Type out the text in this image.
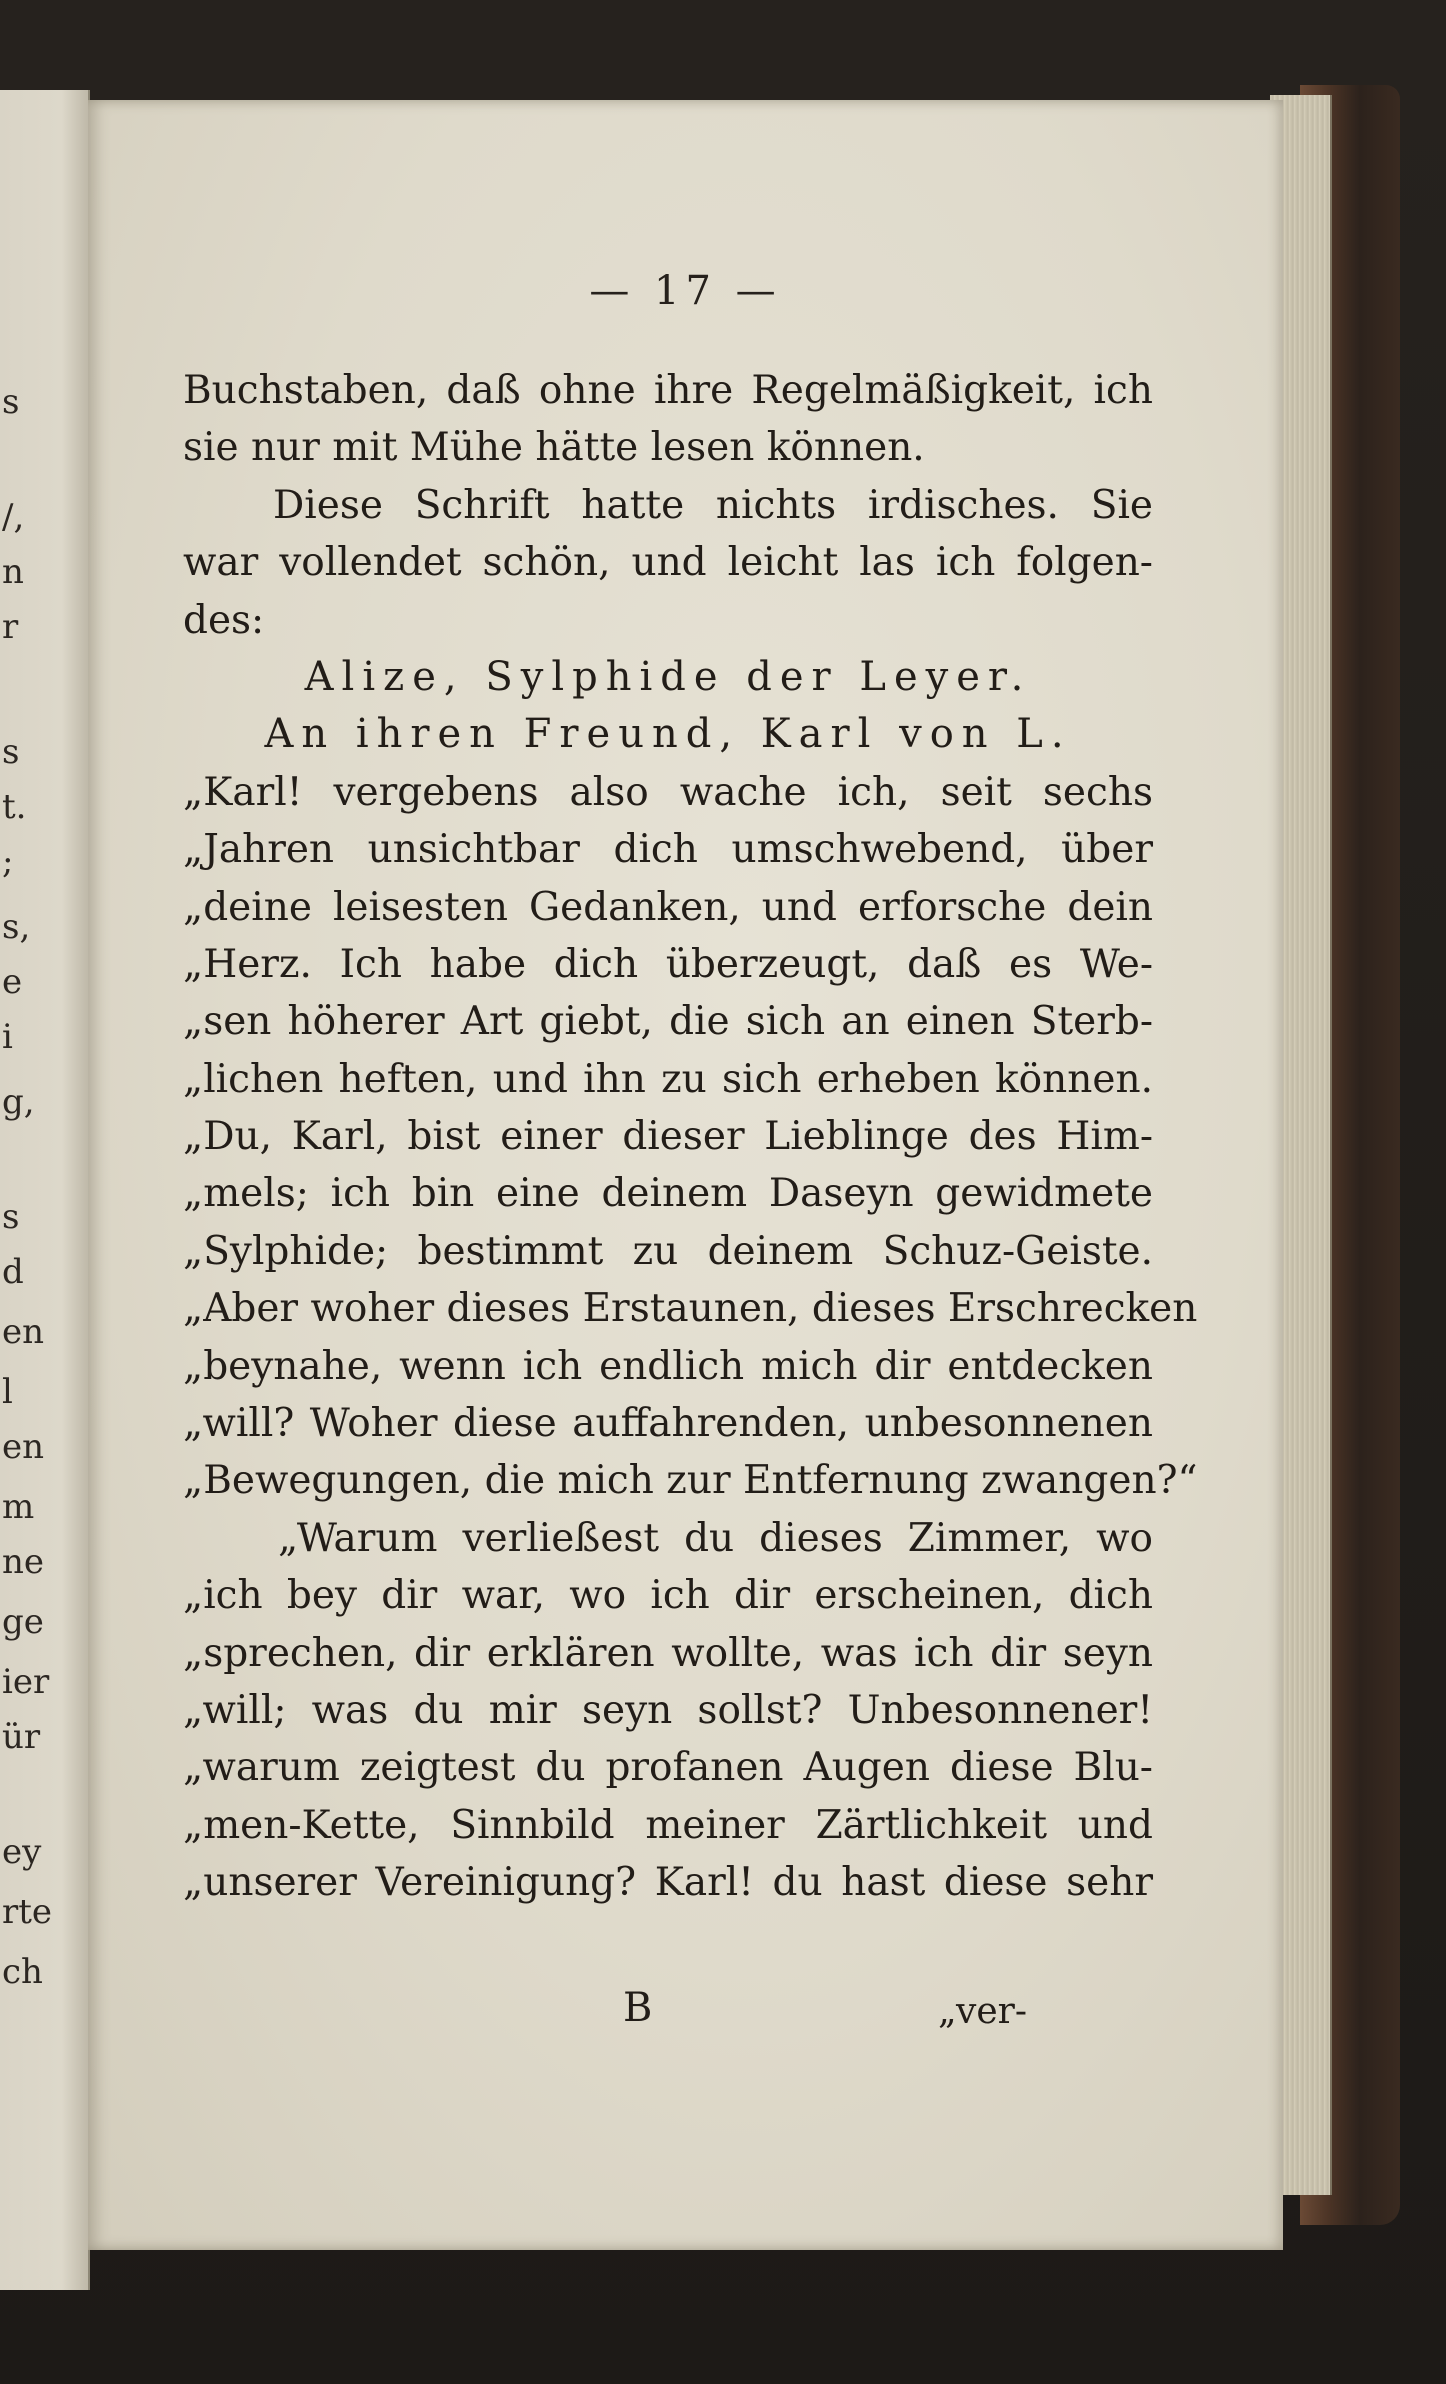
— 17 —
Buchstaben, daß ohne ihre Regelmäßigkeit, ich
sie nur mit Mühe hätte lesen können.
Diese Schrift hatte nichts irdisches. Sie
war vollendet schön, und leicht las ich folgen-
des:
Alize, Sylphide der Leyer.
An ihren Freund, Karl von L.
„Karl! vergebens also wache ich, seit sechs
„Jahren unsichtbar dich umschwebend, über
„deine leisesten Gedanken, und erforsche dein
„Herz. Ich habe dich überzeugt, daß es We-
„sen höherer Art giebt, die sich an einen Sterb-
„lichen heften, und ihn zu sich erheben können.
„Du, Karl, bist einer dieser Lieblinge des Him-
„mels; ich bin eine deinem Daseyn gewidmete
„Sylphide; bestimmt zu deinem Schuz-Geiste.
„Aber woher dieses Erstaunen, dieses Erschrecken
„beynahe, wenn ich endlich mich dir entdecken
„will? Woher diese auffahrenden, unbesonnenen
„Bewegungen, die mich zur Entfernung zwangen?“
„Warum verließest du dieses Zimmer, wo
„ich bey dir war, wo ich dir erscheinen, dich
„sprechen, dir erklären wollte, was ich dir seyn
„will; was du mir seyn sollst? Unbesonnener!
„warum zeigtest du profanen Augen diese Blu-
„men-Kette, Sinnbild meiner Zärtlichkeit und
„unserer Vereinigung? Karl! du hast diese sehr
B	„ver-
s
/,
n
r
s
t.
;
s,
e
i
g,
s
d
en
l
en
m
ne
ge
ier
ür
ey
rte
ch
